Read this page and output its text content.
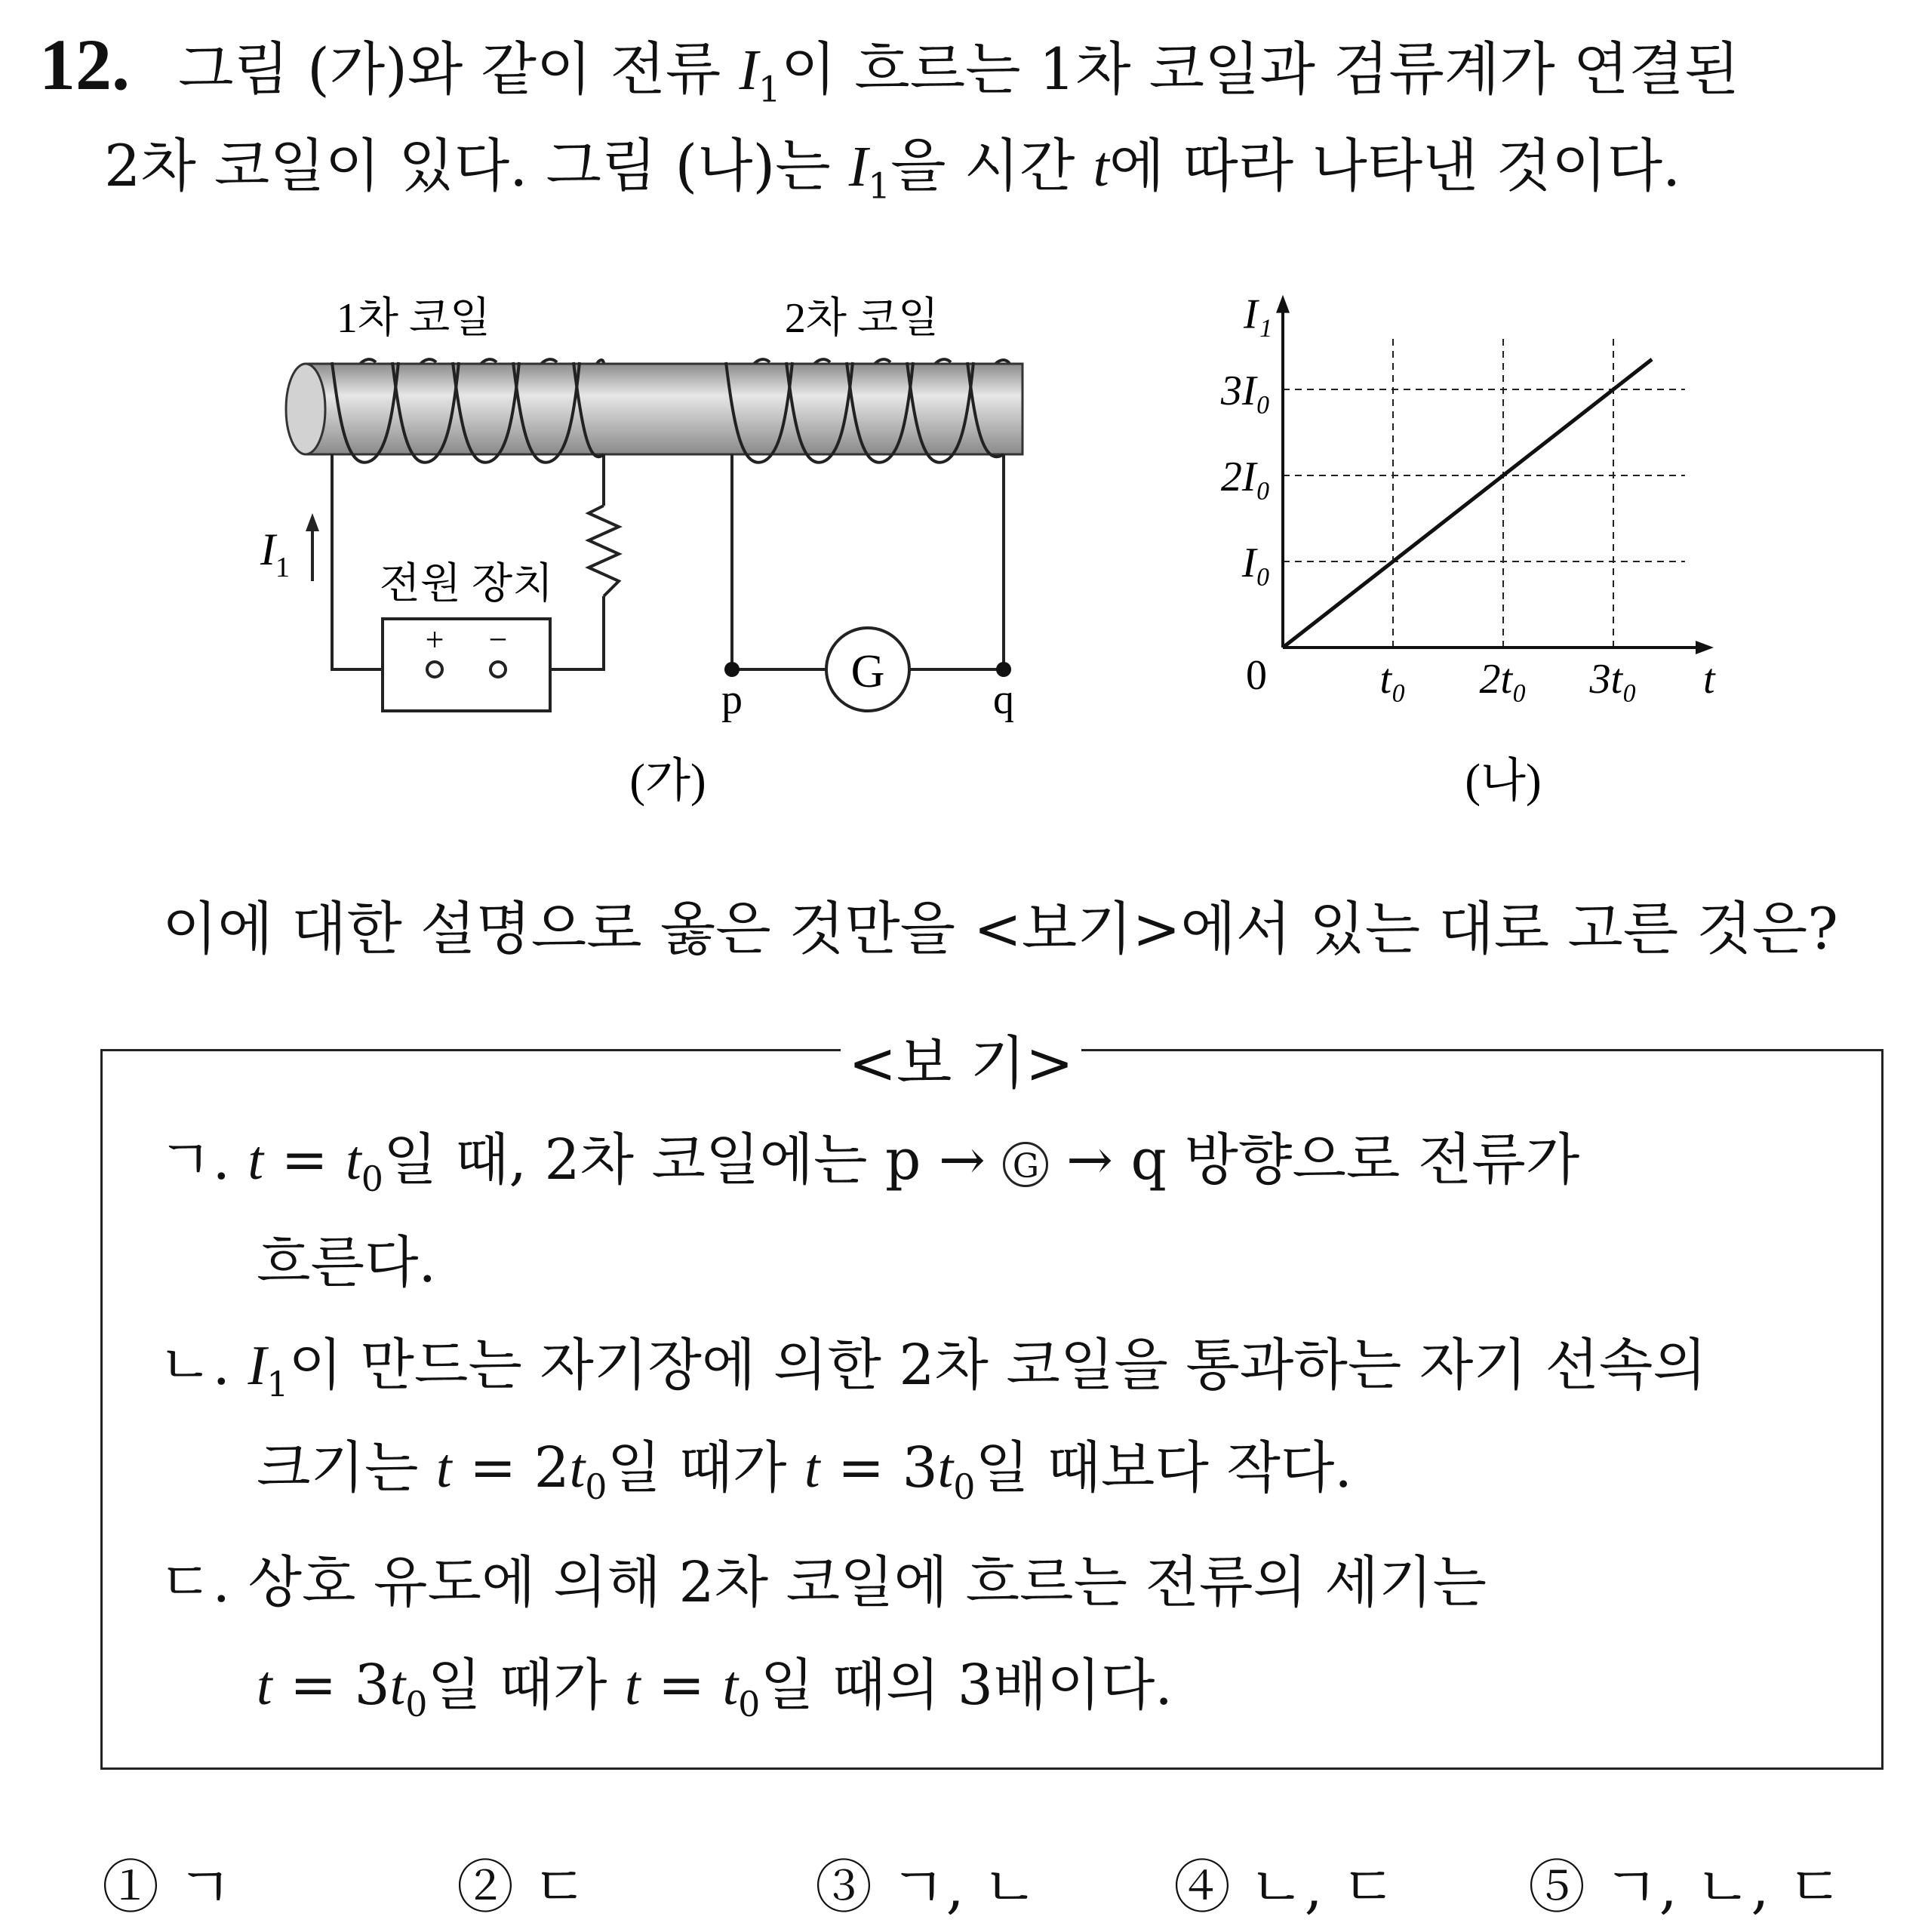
12. 그림 (가)와 같이 전류 $I_1$이 흐르는 1차 코일과 검류계가 연결된
2차 코일이 있다. 그림 (나)는 $I_1$을 시간 t에 따라 나타낸 것이다.
1차 코일	2차 코일
$I_1$ 전원 장치
+ −
G
p	q
(가)
0	t₀ 2t₀ 3t₀
I₀
2I₀
3I₀
t
I₁
(나)
이에 대한 설명으로 옳은 것만을 <보기>에서 있는 대로 고른 것은?
<보 기>
ㄱ. $t = t_0$일 때, 2차 코일에는 p → G → q 방향으로 전류가
흐른다.
ㄴ. $I_1$이 만드는 자기장에 의한 2차 코일을 통과하는 자기 선속의
크기는 $t = 2t_0$일 때가 $t = 3t_0$일 때보다 작다.
ㄷ. 상호 유도에 의해 2차 코일에 흐르는 전류의 세기는
$t = 3t_0$일 때가 $t = t_0$일 때의 3배이다.
① ㄱ	② ㄷ	③ ㄱ, ㄴ ④ ㄴ, ㄷ ⑤ ㄱ, ㄴ, ㄷ
